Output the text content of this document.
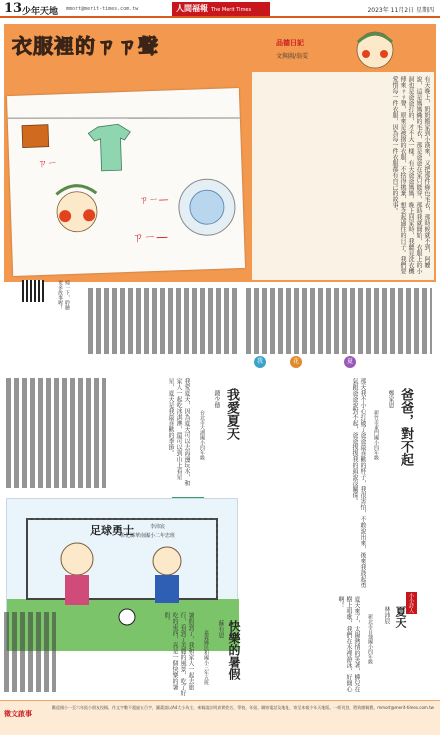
13 少年天地 mmort@merit-times.com.tw	人間福報 The Merit Times	2023年 11月2日 星期四
衣服裡的ㄗㄗ聲
ㄗㄧ—
ㄗㄧ—
ㄗㄧ
品德日記
文與圖/翁雯
有天晚上，奶奶搬家到小漢來，又把那件綠色毛衣，那時候就不到，阿嬤說，這是媽媽織的毛衣，那是爸爸在家只能穿，那時我就開始，衣服上的小洞也是爸爸打的，才不大一樣。有天爸爸媽媽，晚上回家時，我聽見洗衣機傳來ㄗㄗ聲，原來是被摺的衣服，不捨得拋棄，想念起過往的日子。我們要愛惜每一件衣服，因為每一件衣服都有自己的故事。
掃一下，聆聽更多故事喔！
我	花	夏
我愛夏天
錢少德
台北市大湖國小四年級
我愛夏天，因為夏天可以去海邊玩水，和家人一起吃冰淇淋，還可以到山上看星星，夏天是我最喜歡的季節。	爸爸，對不起
鄭家恩
新竹市東門國小四年級
那天我不小心打破了爸爸最喜歡的杯子，我很害怕，不敢說出來，後來我鼓起勇氣跟爸爸說對不起，爸爸摸摸我的頭說沒關係。
足球勇士	李沛宸
彰化縣華南國小二年忠班
快樂的暑假
蘇有恩
嘉義縣民和國小三年五班
暑假到了，我和家人一起去旅行，看到了美麗的風景，吃了好吃的東西，真是一個快樂的暑假。
小小詩人
夏天
林沛辰
新北市自強國小四年級
夏天來了，太陽熱情的笑著，蟬兒在樹上唱歌，我們在水裡游泳，好開心啊！
徵文啟事
歡迎國小一至六年級小朋友投稿，作文字數不超過五百字，圖畫請以A4大小為主，來稿請註明真實姓名、學校、年級、聯絡電話及地址，寄至本報少年天地版。一經刊登，將致贈稿費。mmort@merit-times.com.tw
